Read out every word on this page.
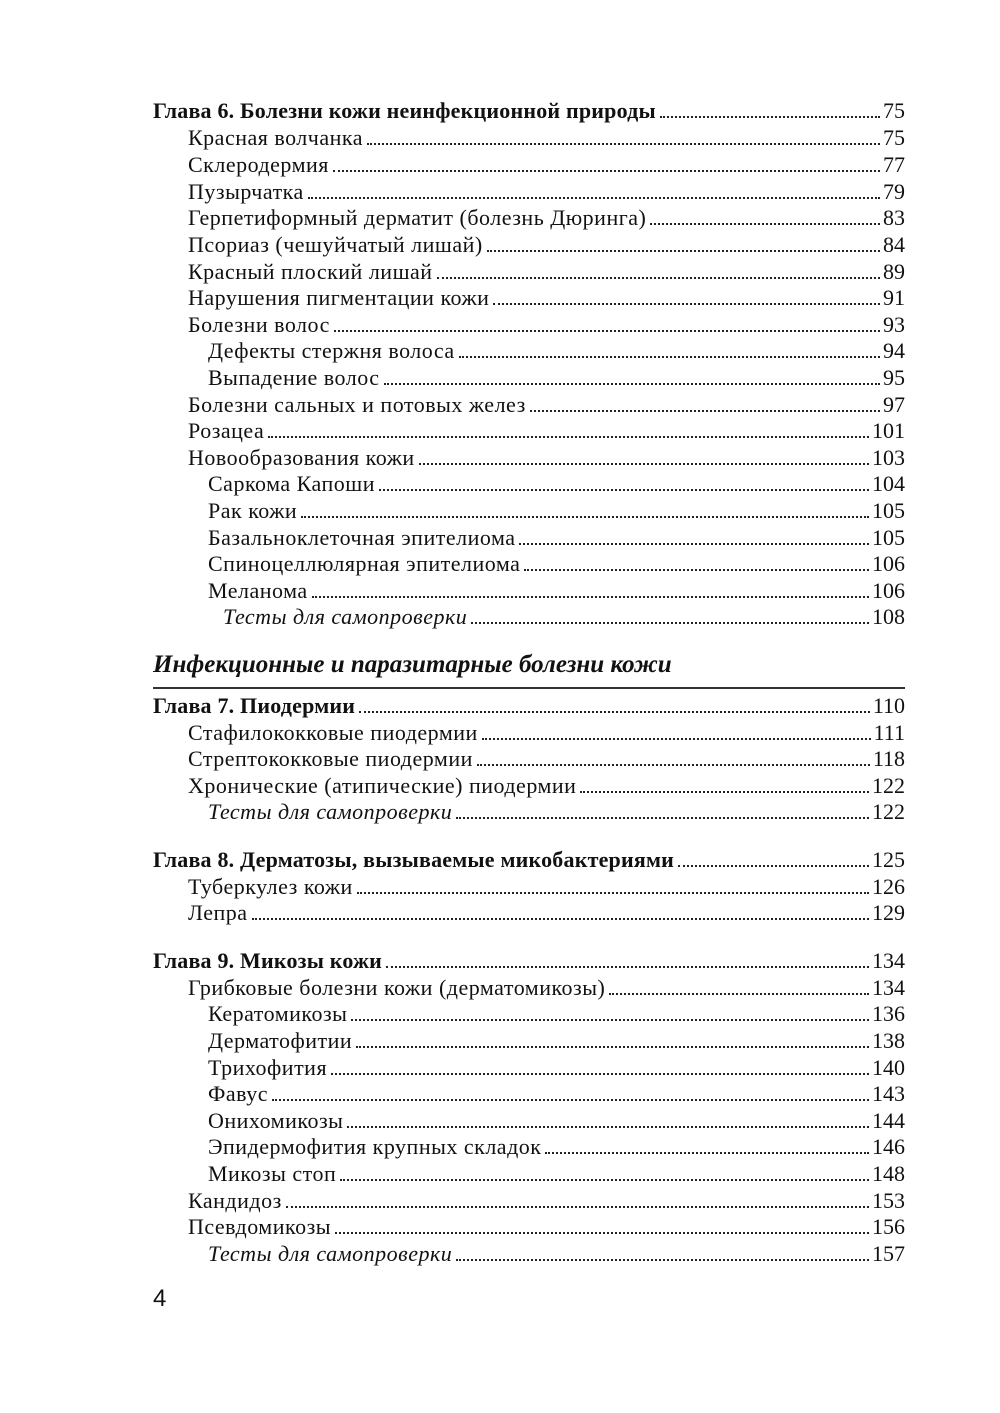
Глава 6. Болезни кожи неинфекционной природы	75
Красная волчанка	75
Склеродермия	77
Пузырчатка	79
Герпетиформный дерматит (болезнь Дюринга)	83
Псориаз (чешуйчатый лишай)	84
Красный плоский лишай	89
Нарушения пигментации кожи	91
Болезни волос	93
Дефекты стержня волоса	94
Выпадение волос	95
Болезни сальных и потовых желез	97
Розацеа	101
Новообразования кожи	103
Саркома Капоши	104
Рак кожи	105
Базальноклеточная эпителиома	105
Спиноцеллюлярная эпителиома	106
Меланома	106
Тесты для самопроверки	108
Инфекционные и паразитарные болезни кожи
Глава 7. Пиодермии	110
Стафилококковые пиодермии	111
Стрептококковые пиодермии	118
Хронические (атипические) пиодермии	122
Тесты для самопроверки	122
Глава 8. Дерматозы, вызываемые микобактериями	125
Туберкулез кожи	126
Лепра	129
Глава 9. Микозы кожи	134
Грибковые болезни кожи (дерматомикозы)	134
Кератомикозы	136
Дерматофитии	138
Трихофития	140
Фавус	143
Онихомикозы	144
Эпидермофития крупных складок	146
Микозы стоп	148
Кандидоз	153
Псевдомикозы	156
Тесты для самопроверки	157
4
